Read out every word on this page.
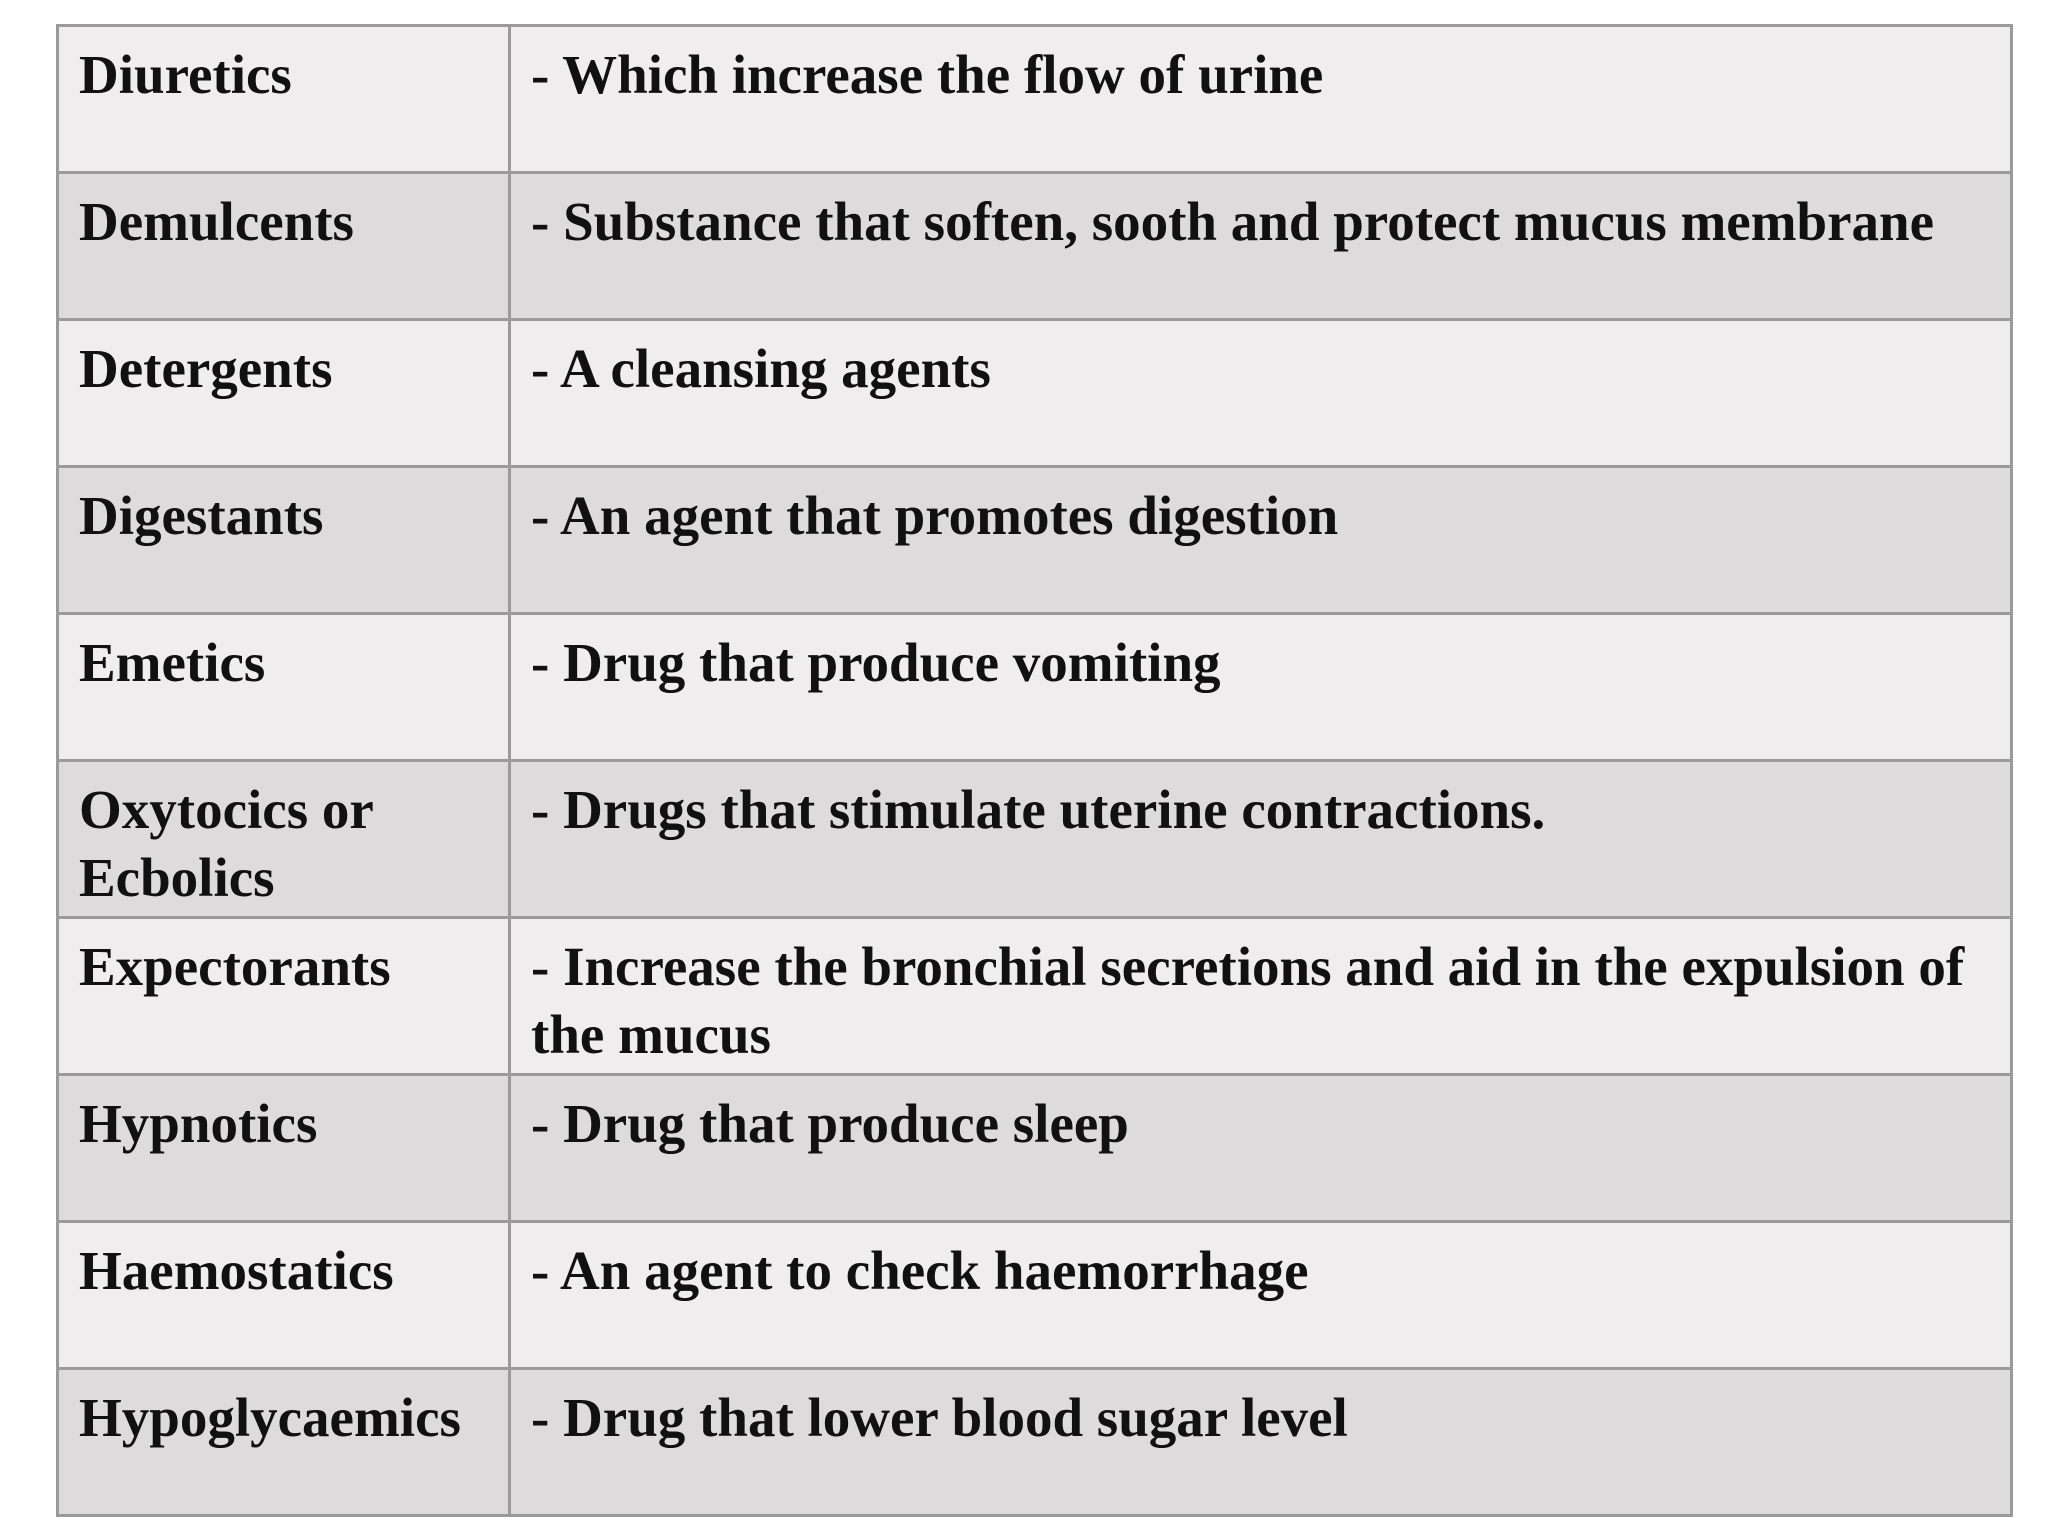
Diuretics	- Which increase the flow of urine
Demulcents	- Substance that soften, sooth and protect mucus membrane
Detergents	- A cleansing agents
Digestants	- An agent that promotes digestion
Emetics	- Drug that produce vomiting
Oxytocics or Ecbolics	- Drugs that stimulate uterine contractions.
Expectorants	- Increase the bronchial secretions and aid in the expulsion of the mucus
Hypnotics	- Drug that produce sleep
Haemostatics	- An agent to check haemorrhage
Hypoglycaemics	- Drug that lower blood sugar level
